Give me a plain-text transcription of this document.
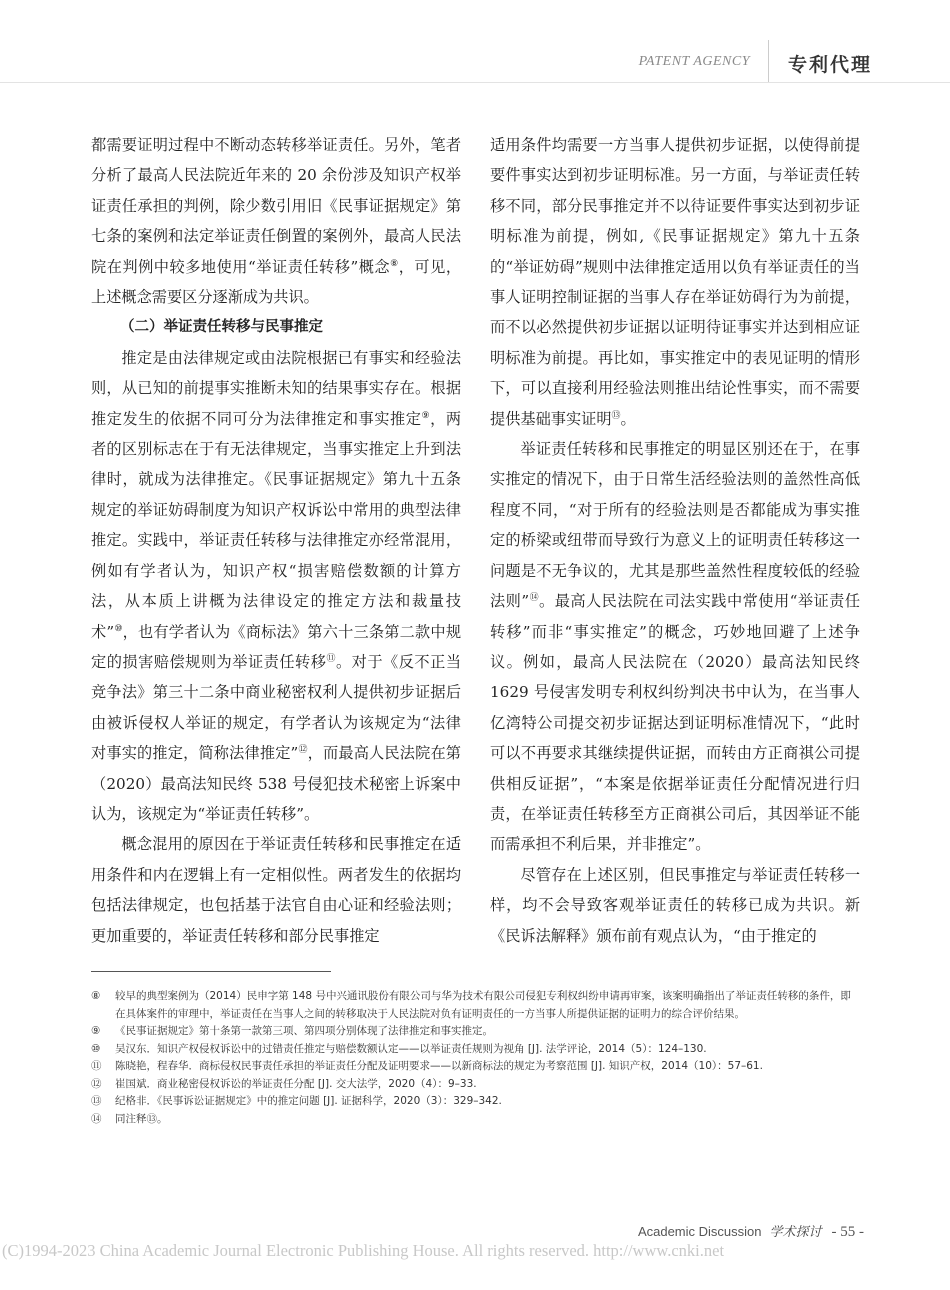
PATENT AGENCY 专利代理

都需要证明过程中不断动态转移举证责任。另外，笔者分析了最高人民法院近年来的 20 余份涉及知识产权举证责任承担的判例，除少数引用旧《民事证据规定》第七条的案例和法定举证责任倒置的案例外，最高人民法院在判例中较多地使用“举证责任转移”概念⑧，可见，上述概念需要区分逐渐成为共识。

（二）举证责任转移与民事推定

推定是由法律规定或由法院根据已有事实和经验法则，从已知的前提事实推断未知的结果事实存在。根据推定发生的依据不同可分为法律推定和事实推定⑨，两者的区别标志在于有无法律规定，当事实推定上升到法律时，就成为法律推定。《民事证据规定》第九十五条规定的举证妨碍制度为知识产权诉讼中常用的典型法律推定。实践中，举证责任转移与法律推定亦经常混用，例如有学者认为，知识产权“损害赔偿数额的计算方法，从本质上讲概为法律设定的推定方法和裁量技术”⑩，也有学者认为《商标法》第六十三条第二款中规定的损害赔偿规则为举证责任转移⑪。对于《反不正当竞争法》第三十二条中商业秘密权利人提供初步证据后由被诉侵权人举证的规定，有学者认为该规定为“法律对事实的推定，简称法律推定”⑫，而最高人民法院在第（2020）最高法知民终 538 号侵犯技术秘密上诉案中认为，该规定为“举证责任转移”。

概念混用的原因在于举证责任转移和民事推定在适用条件和内在逻辑上有一定相似性。两者发生的依据均包括法律规定，也包括基于法官自由心证和经验法则；更加重要的，举证责任转移和部分民事推定

适用条件均需要一方当事人提供初步证据，以使得前提要件事实达到初步证明标准。另一方面，与举证责任转移不同，部分民事推定并不以待证要件事实达到初步证明标准为前提，例如,《民事证据规定》第九十五条的“举证妨碍”规则中法律推定适用以负有举证责任的当事人证明控制证据的当事人存在举证妨碍行为为前提，而不以必然提供初步证据以证明待证事实并达到相应证明标准为前提。再比如，事实推定中的表见证明的情形下，可以直接利用经验法则推出结论性事实，而不需要提供基础事实证明⑬。

举证责任转移和民事推定的明显区别还在于，在事实推定的情况下，由于日常生活经验法则的盖然性高低程度不同，“对于所有的经验法则是否都能成为事实推定的桥梁或纽带而导致行为意义上的证明责任转移这一问题是不无争议的，尤其是那些盖然性程度较低的经验法则”⑭。最高人民法院在司法实践中常使用“举证责任转移”而非“事实推定”的概念，巧妙地回避了上述争议。例如，最高人民法院在（2020）最高法知民终 1629 号侵害发明专利权纠纷判决书中认为，在当事人亿湾特公司提交初步证据达到证明标准情况下，“此时可以不再要求其继续提供证据，而转由方正商祺公司提供相反证据”，“本案是依据举证责任分配情况进行归责，在举证责任转移至方正商祺公司后，其因举证不能而需承担不利后果，并非推定”。

尽管存在上述区别，但民事推定与举证责任转移一样，均不会导致客观举证责任的转移已成为共识。新《民诉法解释》颁布前有观点认为，“由于推定的

⑧ 较早的典型案例为（2014）民申字第 148 号中兴通讯股份有限公司与华为技术有限公司侵犯专利权纠纷申请再审案，该案明确指出了举证责任转移的条件，即在具体案件的审理中，举证责任在当事人之间的转移取决于人民法院对负有证明责任的一方当事人所提供证据的证明力的综合评价结果。
⑨ 《民事证据规定》第十条第一款第三项、第四项分别体现了法律推定和事实推定。
⑩ 吴汉东．知识产权侵权诉讼中的过错责任推定与赔偿数额认定——以举证责任规则为视角 [J]. 法学评论，2014（5）：124–130.
⑪ 陈晓艳，程春华．商标侵权民事责任承担的举证责任分配及证明要求——以新商标法的规定为考察范围 [J]. 知识产权，2014（10）：57–61.
⑫ 崔国斌．商业秘密侵权诉讼的举证责任分配 [J]. 交大法学，2020（4）：9–33.
⑬ 纪格非．《民事诉讼证据规定》中的推定问题 [J]. 证据科学，2020（3）：329–342.
⑭ 同注释⑬。
Academic Discussion 学术探讨 - 55 -
(C)1994-2023 China Academic Journal Electronic Publishing House. All rights reserved. http://www.cnki.net
